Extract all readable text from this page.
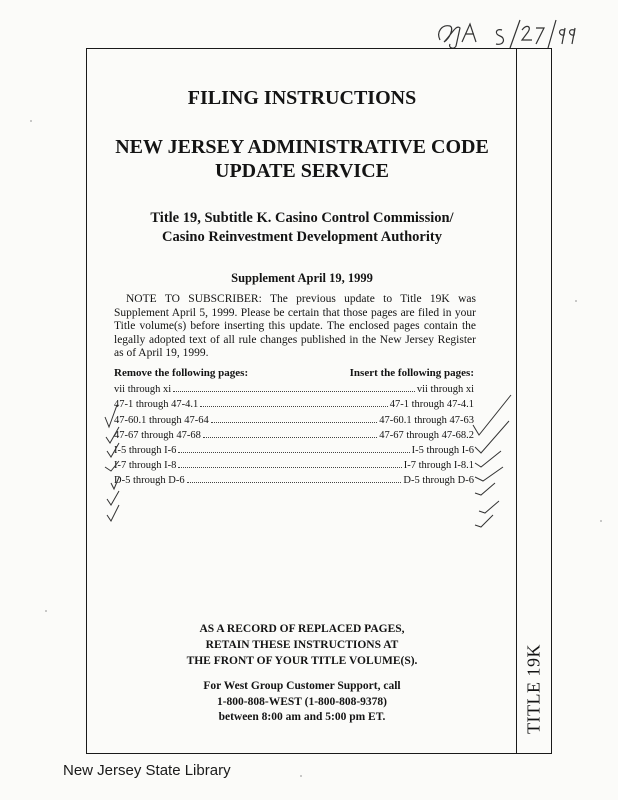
FILING INSTRUCTIONS
NEW JERSEY ADMINISTRATIVE CODE
UPDATE SERVICE
Title 19, Subtitle K. Casino Control Commission/
Casino Reinvestment Development Authority
Supplement April 19, 1999

NOTE TO SUBSCRIBER: The previous update to Title 19K was Supplement April 5, 1999. Please be certain that those pages are filed in your Title volume(s) before inserting this update. The enclosed pages contain the legally adopted text of all rule changes published in the New Jersey Register as of April 19, 1999.

Remove the following pages:	Insert the following pages:
vii through xi	vii through xi
47-1 through 47-4.1	47-1 through 47-4.1
47-60.1 through 47-64	47-60.1 through 47-63
47-67 through 47-68	47-67 through 47-68.2
I-5 through I-6	I-5 through I-6
I-7 through I-8	I-7 through I-8.1
D-5 through D-6	D-5 through D-6
AS A RECORD OF REPLACED PAGES,
RETAIN THESE INSTRUCTIONS AT
THE FRONT OF YOUR TITLE VOLUME(S).
For West Group Customer Support, call
1-800-808-WEST (1-800-808-9378)
between 8:00 am and 5:00 pm ET.	TITLE 19K
New Jersey State Library
